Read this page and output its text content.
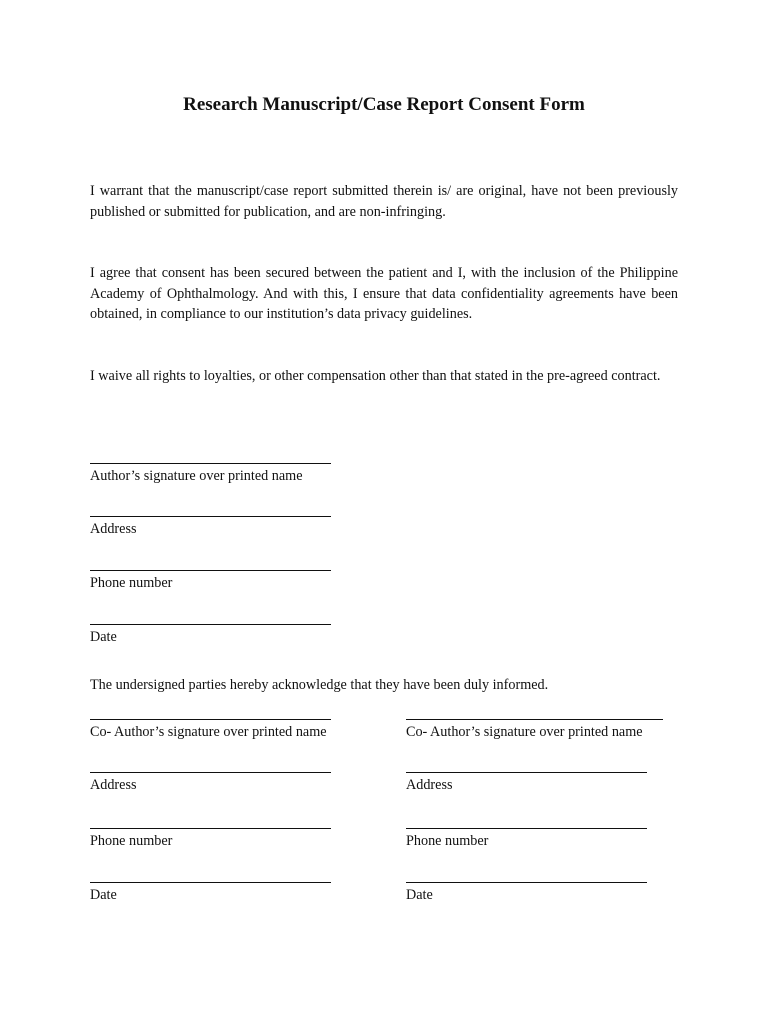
Research Manuscript/Case Report Consent Form
I warrant that the manuscript/case report submitted therein is/ are original, have not been previously published or submitted for publication, and are non-infringing.
I agree that consent has been secured between the patient and I, with the inclusion of the Philippine Academy of Ophthalmology. And with this, I ensure that data confidentiality agreements have been obtained, in compliance to our institution’s data privacy guidelines.
I waive all rights to loyalties, or other compensation other than that stated in the pre-agreed contract.
Author’s signature over printed name
Address
Phone number
Date
The undersigned parties hereby acknowledge that they have been duly informed.
Co- Author’s signature over printed name
Address
Phone number
Date
Co- Author’s signature over printed name
Address
Phone number
Date
